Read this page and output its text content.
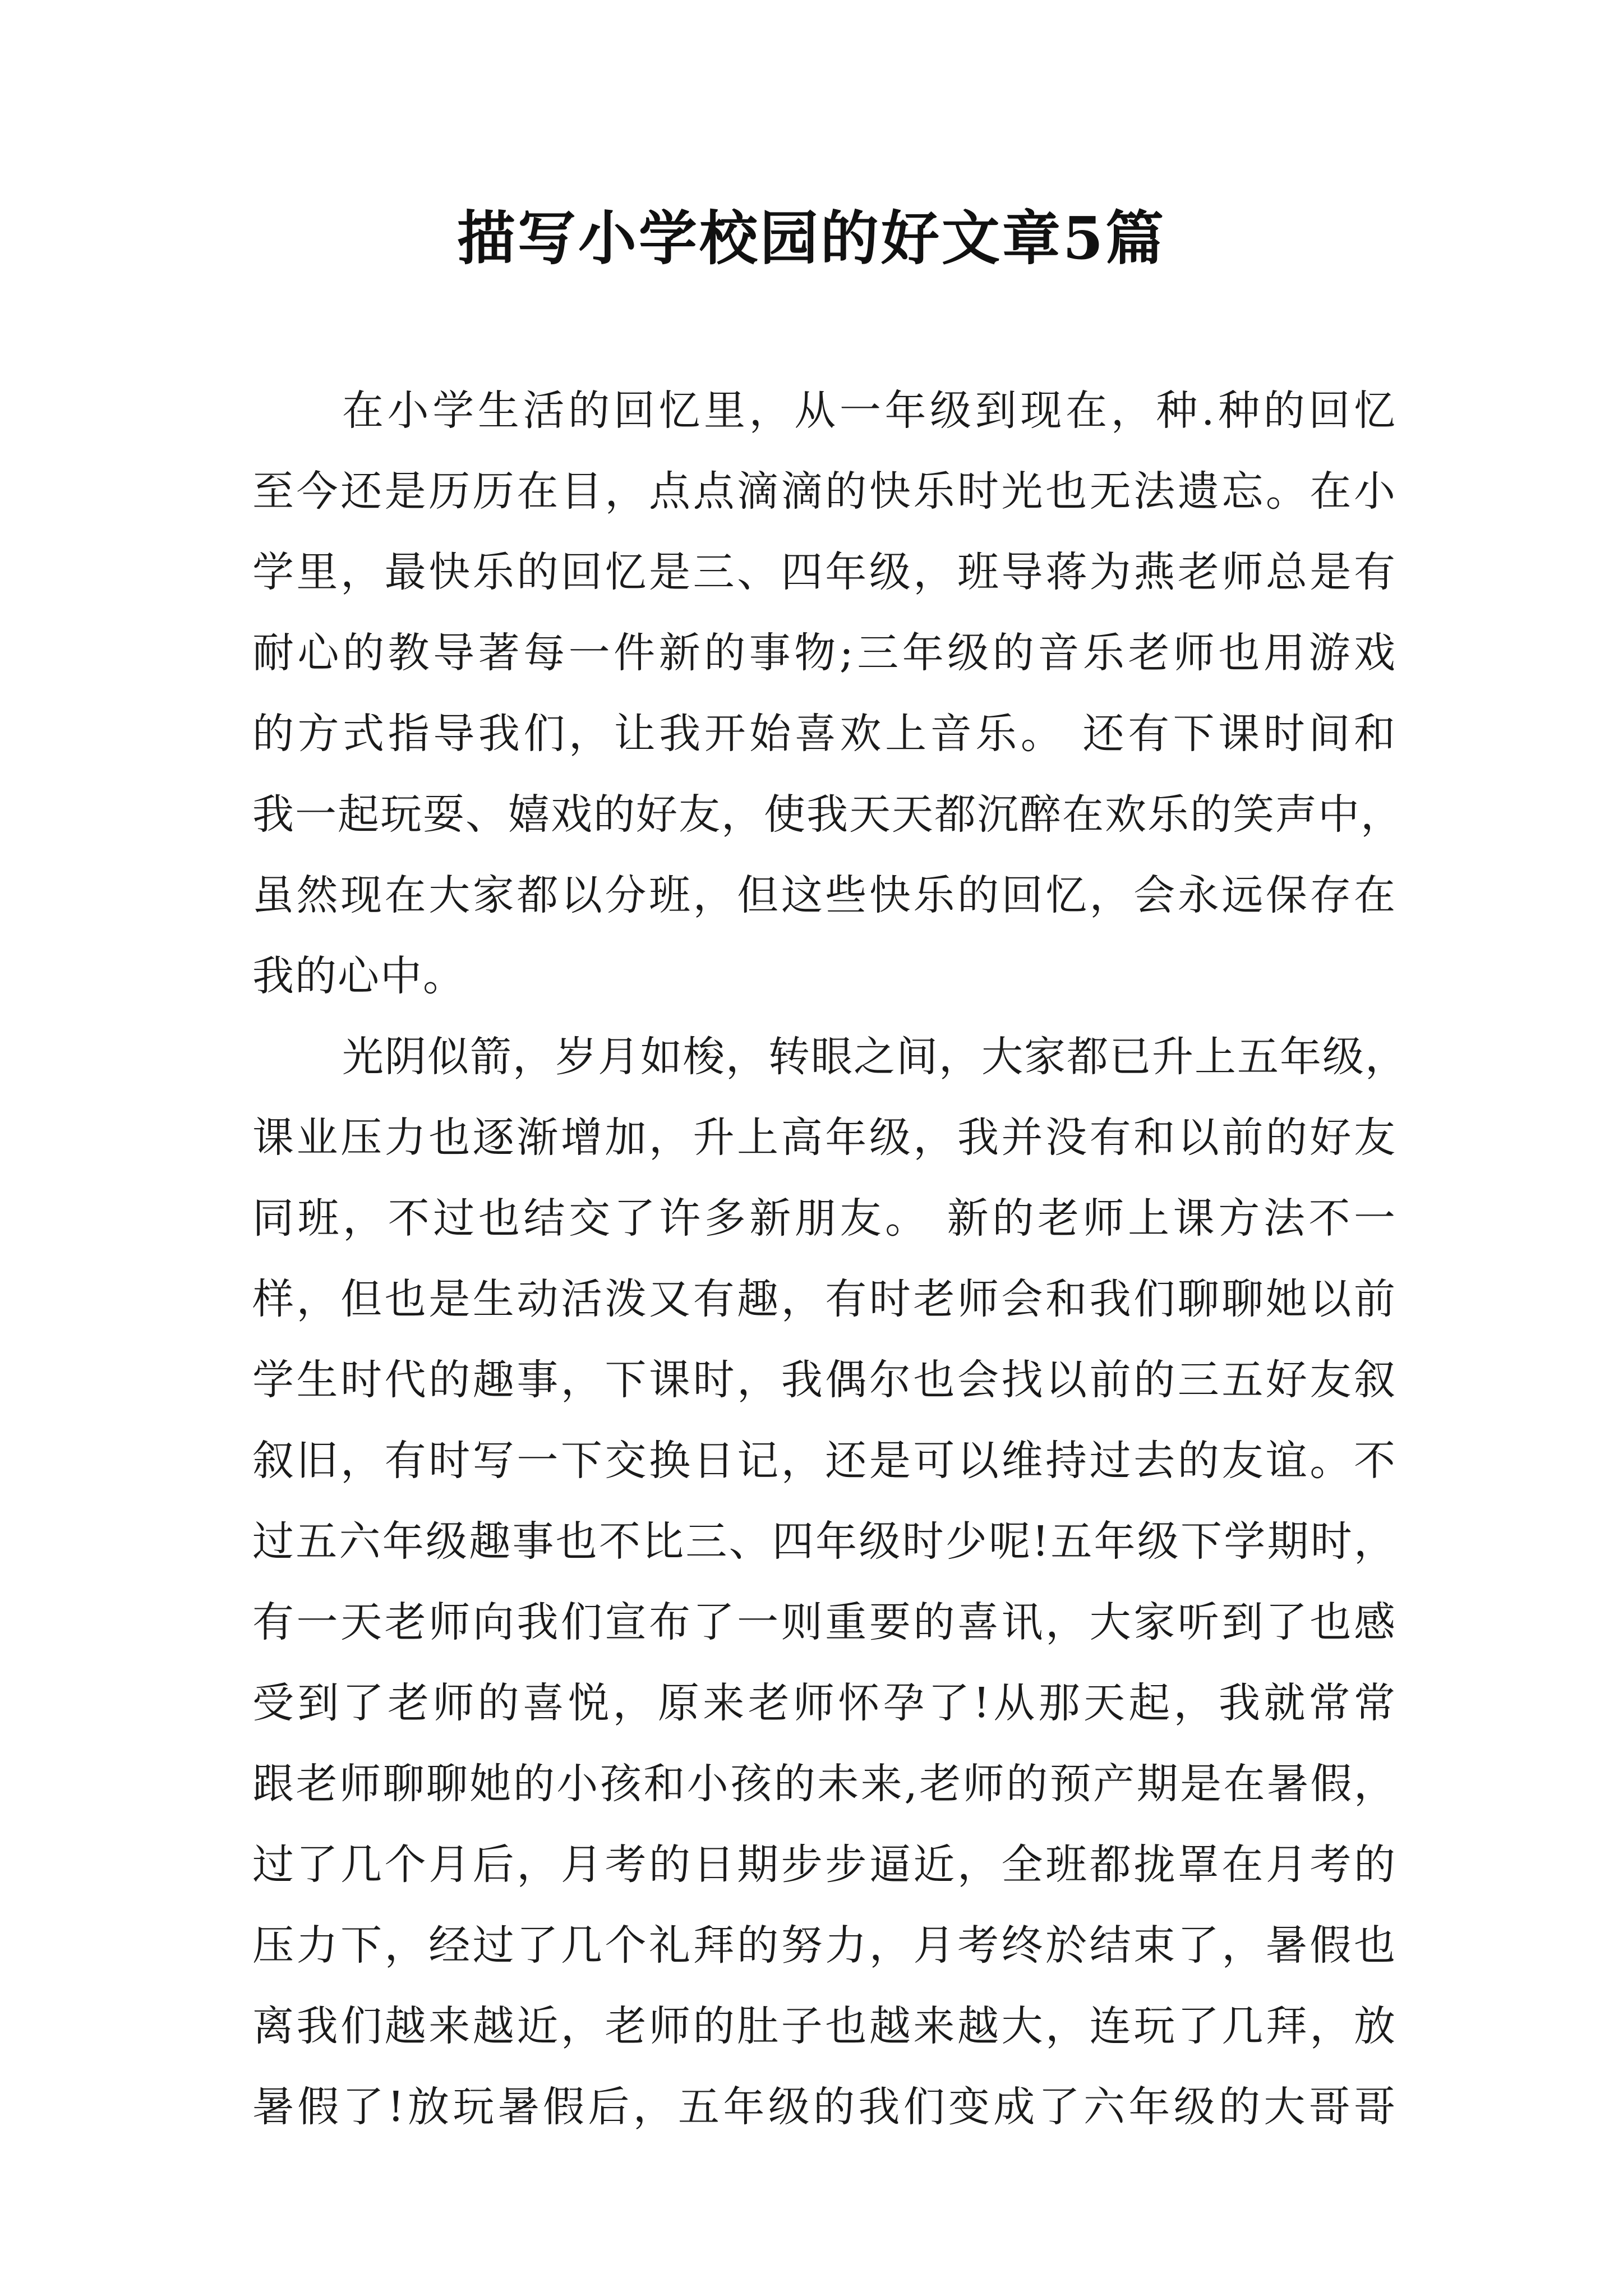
描写小学校园的好文章5篇
在小学生活的回忆里，从一年级到现在，种.种的回忆
至今还是历历在目，点点滴滴的快乐时光也无法遗忘。在小
学里，最快乐的回忆是三、四年级，班导蒋为燕老师总是有
耐心的教导著每一件新的事物;三年级的音乐老师也用游戏
的方式指导我们，让我开始喜欢上音乐。 还有下课时间和
我一起玩耍、嬉戏的好友，使我天天都沉醉在欢乐的笑声中，
虽然现在大家都以分班，但这些快乐的回忆，会永远保存在
我的心中。
光阴似箭，岁月如梭，转眼之间，大家都已升上五年级，
课业压力也逐渐增加，升上高年级，我并没有和以前的好友
同班，不过也结交了许多新朋友。 新的老师上课方法不一
样，但也是生动活泼又有趣，有时老师会和我们聊聊她以前
学生时代的趣事，下课时，我偶尔也会找以前的三五好友叙
叙旧，有时写一下交换日记，还是可以维持过去的友谊。不
过五六年级趣事也不比三、四年级时少呢!五年级下学期时，
有一天老师向我们宣布了一则重要的喜讯，大家听到了也感
受到了老师的喜悦，原来老师怀孕了!从那天起，我就常常
跟老师聊聊她的小孩和小孩的未来,老师的预产期是在暑假，
过了几个月后，月考的日期步步逼近，全班都拢罩在月考的
压力下，经过了几个礼拜的努力，月考终於结束了，暑假也
离我们越来越近，老师的肚子也越来越大，连玩了几拜，放
暑假了!放玩暑假后，五年级的我们变成了六年级的大哥哥
